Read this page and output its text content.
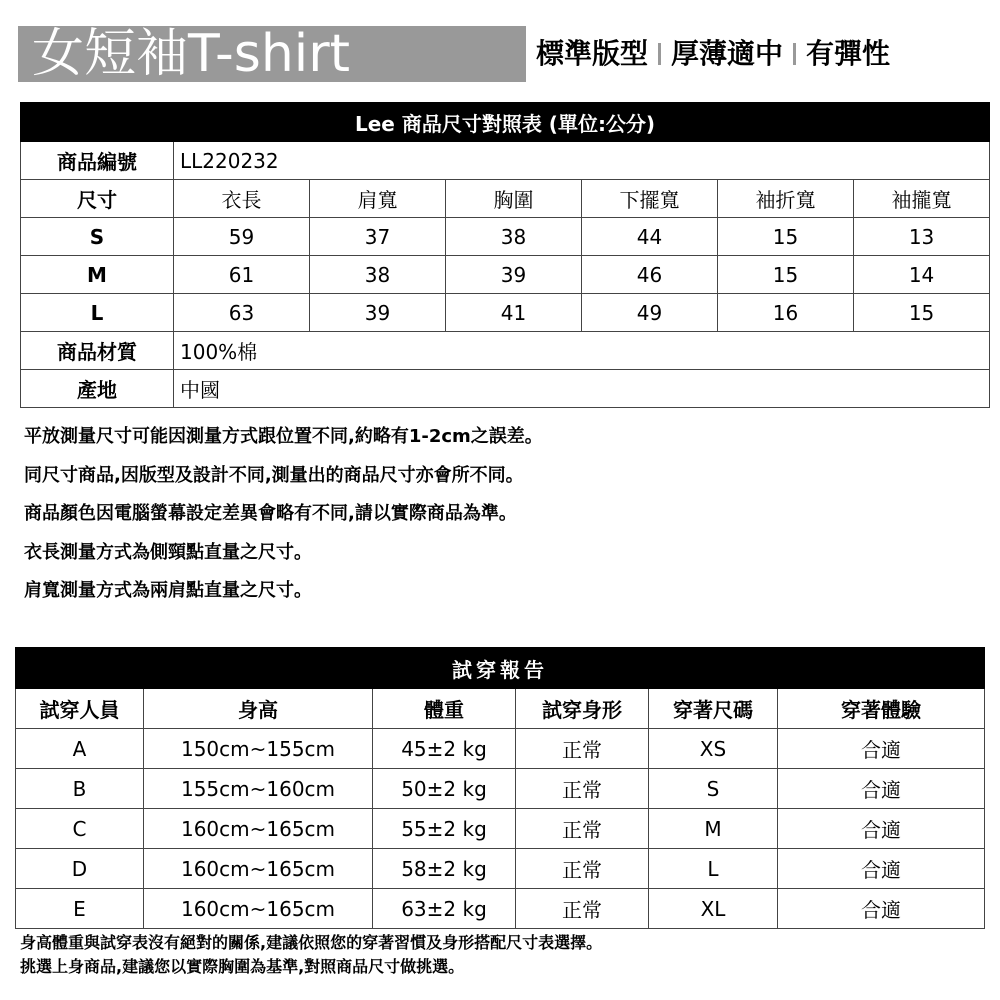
女短袖T-shirt	標準版型 厚薄適中 有彈性
Lee 商品尺寸對照表 (單位:公分)						
商品編號	LL220232					
尺寸	衣長	肩寬	胸圍	下擺寬	袖折寬	袖攏寬
S	59	37	38	44	15	13
M	61	38	39	46	15	14
L	63	39	41	49	16	15
商品材質	100%棉					
產地	中國					
平放測量尺寸可能因測量方式跟位置不同,約略有1-2cm之誤差。
同尺寸商品,因版型及設計不同,測量出的商品尺寸亦會所不同。
商品顏色因電腦螢幕設定差異會略有不同,請以實際商品為準。
衣長測量方式為側頸點直量之尺寸。
肩寬測量方式為兩肩點直量之尺寸。
試穿報告					
試穿人員	身高	體重	試穿身形	穿著尺碼	穿著體驗
A	150cm~155cm	45±2 kg	正常	XS	合適
B	155cm~160cm	50±2 kg	正常	S	合適
C	160cm~165cm	55±2 kg	正常	M	合適
D	160cm~165cm	58±2 kg	正常	L	合適
E	160cm~165cm	63±2 kg	正常	XL	合適
身高體重與試穿表沒有絕對的關係,建議依照您的穿著習慣及身形搭配尺寸表選擇。
挑選上身商品,建議您以實際胸圍為基準,對照商品尺寸做挑選。
